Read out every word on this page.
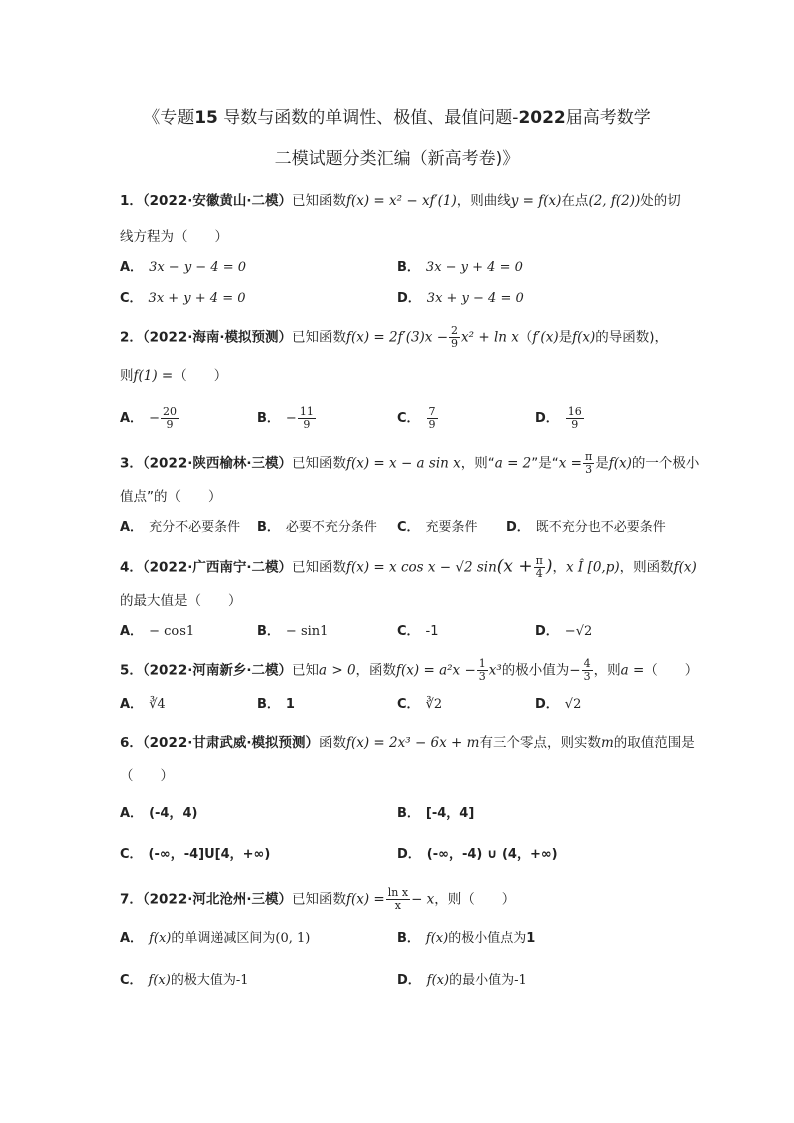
《专题15 导数与函数的单调性、极值、最值问题-2022届高考数学
二模试题分类汇编（新高考卷)》
1．（2022·安徽黄山·二模）已知函数f(x) = x² − xf′(1)，则曲线y = f(x)在点(2, f(2))处的切
线方程为（　　）
A． 3x − y − 4 = 0	B． 3x − y + 4 = 0
C． 3x + y + 4 = 0	D． 3x + y − 4 = 0
2．（2022·海南·模拟预测）已知函数$f(x) = 2f'(3)x - \frac{2}{9} x^2 + \ln x(f'(x)$是f(x)的导函数)，
则f(1) =（　　）
A． − $\frac{20}{9}$	B． − $\frac{11}{9}$	C． $\frac{7}{9}$	D． $\frac{16}{9}$
3．（2022·陕西榆林·三模）已知函数f(x) = x − a sin x，则“a = 2”是“$x = \frac{\pi}{3}$ 是f(x)的一个极小
值点”的（　　）
A． 充分不必要条件 B． 必要不充分条件 C． 充要条件 D． 既不充分也不必要条件
4．（2022·广西南宁·二模）已知函数f(x) = x cos x − √2 $\sin(x + \frac{\pi}{4}$ )，x Î [0,p)，则函数f(x)
的最大值是（　　）
A． − cos1	B． − sin1	C． -1	D． −√2
5．（2022·河南新乡·二模）已知a > 0，函数$f(x) = a^2x - \frac{1}{3} x^3$的极小值为− $\frac{4}{3}$ ，则a =（　　）
A． ∛4	B． 1	C． ∛2	D． √2
6．（2022·甘肃武威·模拟预测）函数f(x) = 2x³ − 6x + m有三个零点，则实数m的取值范围是
（　　）
A． (-4，4)	B． [-4，4]
C． (-∞，-4]U[4，+∞)	D． (-∞，-4) ∪ (4，+∞)
7．（2022·河北沧州·三模）已知函数$f(x) = \frac{\text{ln x}}{x} - x$，则（　　）
A． f(x)的单调递减区间为(0, 1)	B． f(x)的极小值点为1
C． f(x)的极大值为-1	D． f(x)的最小值为-1
